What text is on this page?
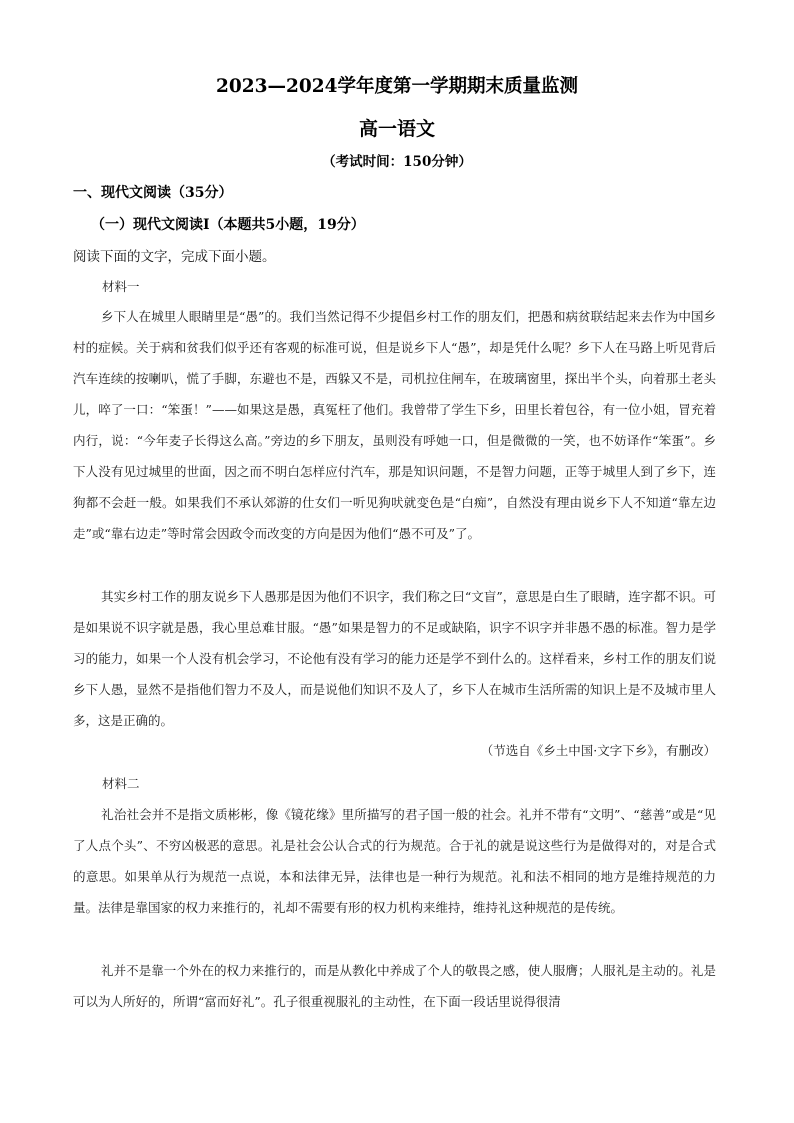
2023—2024学年度第一学期期末质量监测
高一语文
（考试时间：150分钟）
一、现代文阅读（35分）
（一）现代文阅读Ⅰ（本题共5小题，19分）
阅读下面的文字，完成下面小题。
材料一
乡下人在城里人眼睛里是“愚”的。我们当然记得不少提倡乡村工作的朋友们，把愚和病贫联结起来去作为中国乡村的症候。关于病和贫我们似乎还有客观的标准可说，但是说乡下人“愚”，却是凭什么呢？乡下人在马路上听见背后汽车连续的按喇叭，慌了手脚，东避也不是，西躲又不是，司机拉住闸车，在玻璃窗里，探出半个头，向着那土老头儿，啐了一口：“笨蛋！”——如果这是愚，真冤枉了他们。我曾带了学生下乡，田里长着包谷，有一位小姐，冒充着内行，说：“今年麦子长得这么高。”旁边的乡下朋友，虽则没有呼她一口，但是微微的一笑，也不妨译作“笨蛋”。乡下人没有见过城里的世面，因之而不明白怎样应付汽车，那是知识问题，不是智力问题，正等于城里人到了乡下，连狗都不会赶一般。如果我们不承认郊游的仕女们一听见狗吠就变色是“白痴”，自然没有理由说乡下人不知道“靠左边走”或“靠右边走”等时常会因政令而改变的方向是因为他们“愚不可及”了。
其实乡村工作的朋友说乡下人愚那是因为他们不识字，我们称之曰“文盲”，意思是白生了眼睛，连字都不识。可是如果说不识字就是愚，我心里总难甘服。“愚”如果是智力的不足或缺陷，识字不识字并非愚不愚的标准。智力是学习的能力，如果一个人没有机会学习，不论他有没有学习的能力还是学不到什么的。这样看来，乡村工作的朋友们说乡下人愚，显然不是指他们智力不及人，而是说他们知识不及人了，乡下人在城市生活所需的知识上是不及城市里人多，这是正确的。
（节选自《乡土中国·文字下乡》，有删改）
材料二
礼治社会并不是指文质彬彬，像《镜花缘》里所描写的君子国一般的社会。礼并不带有“文明”、“慈善”或是“见了人点个头”、不穷凶极恶的意思。礼是社会公认合式的行为规范。合于礼的就是说这些行为是做得对的，对是合式的意思。如果单从行为规范一点说，本和法律无异，法律也是一种行为规范。礼和法不相同的地方是维持规范的力量。法律是靠国家的权力来推行的，礼却不需要有形的权力机构来维持，维持礼这种规范的是传统。
礼并不是靠一个外在的权力来推行的，而是从教化中养成了个人的敬畏之感，使人服膺；人服礼是主动的。礼是可以为人所好的，所谓“富而好礼”。孔子很重视服礼的主动性，在下面一段话里说得很清
